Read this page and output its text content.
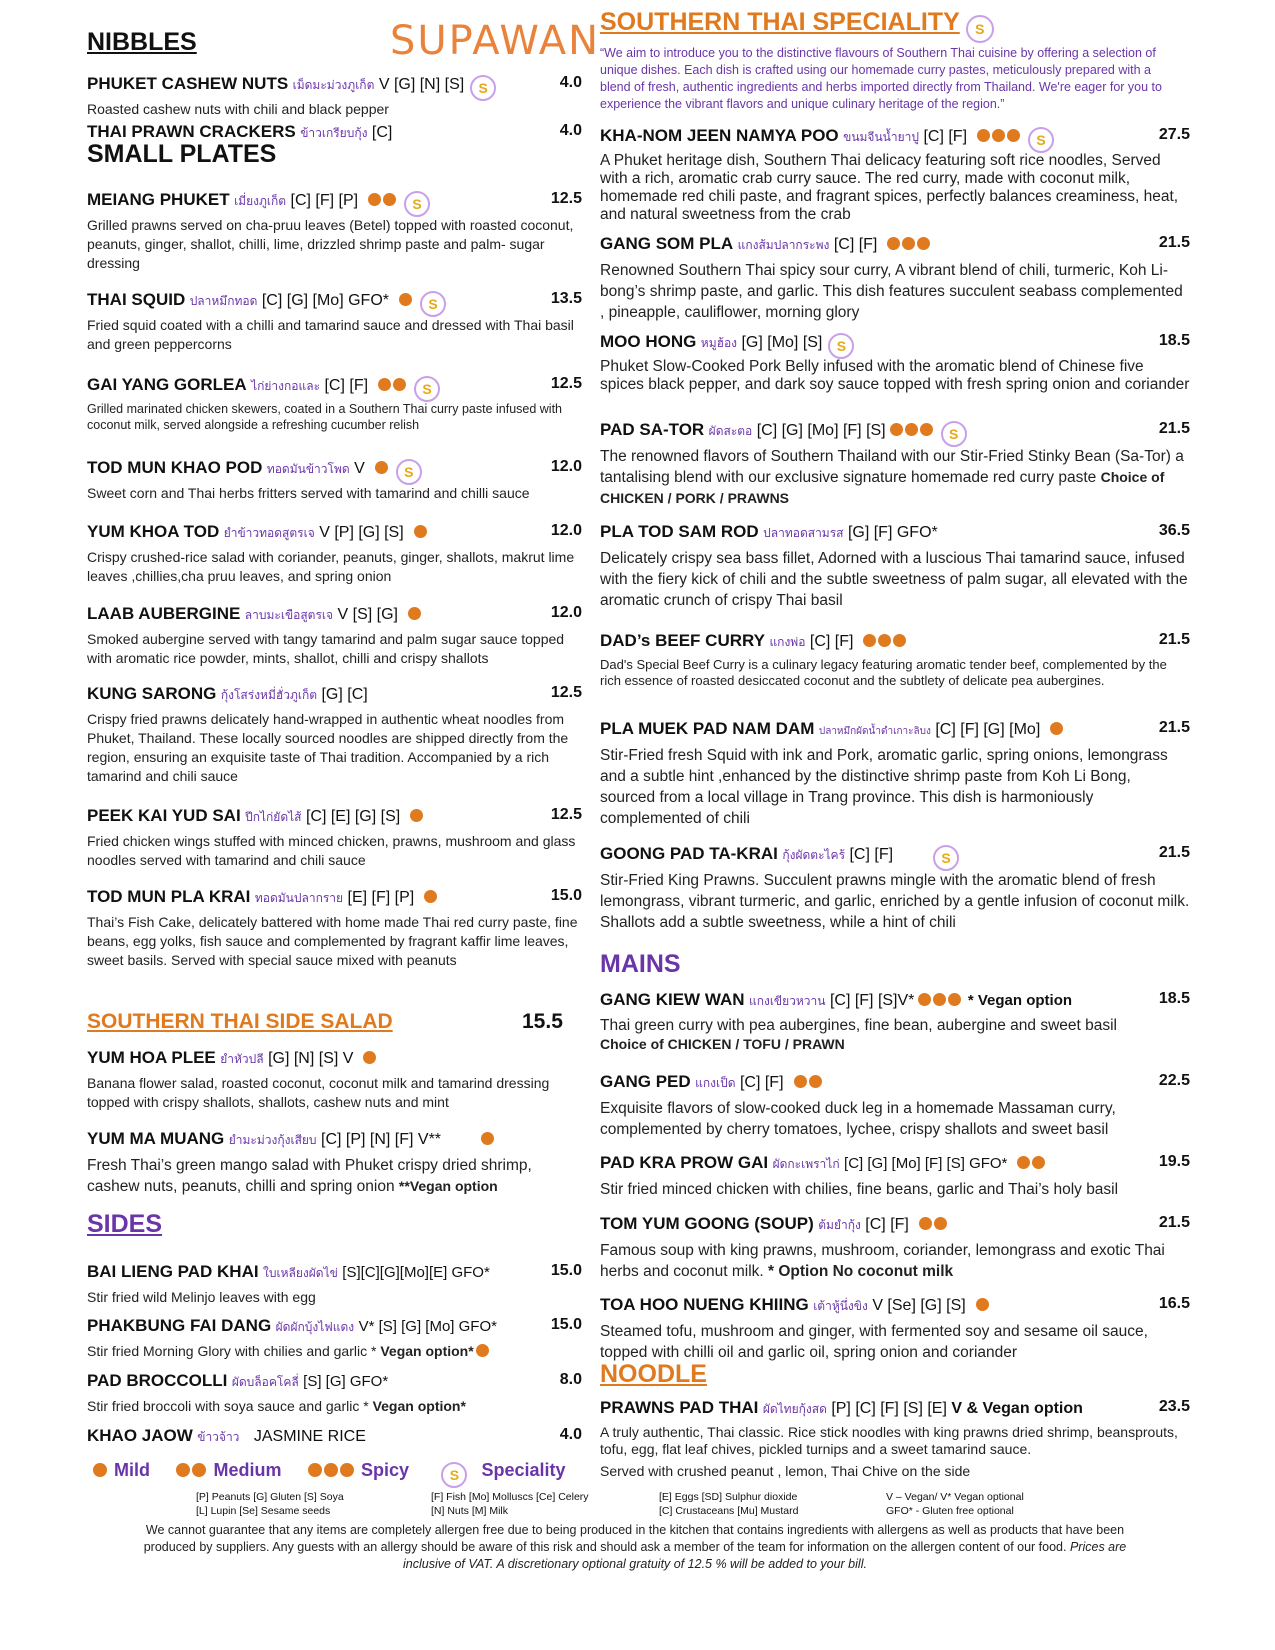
SUPAWAN
NIBBLES
PHUKET CASHEW NUTS เม็ดมะม่วงภูเก็ต V [G] [N] [S] S	4.0
Roasted cashew nuts with chili and black pepper
THAI PRAWN CRACKERS ข้าวเกรียบกุ้ง [C]	4.0
SMALL PLATES
MEIANG PHUKET เมี่ยงภูเก็ต [C] [F] [P]	S	12.5
Grilled prawns served on cha-pruu leaves (Betel) topped with roasted coconut, peanuts, ginger, shallot, chilli, lime, drizzled shrimp paste and palm- sugar dressing
THAI SQUID ปลาหมึกทอด [C] [G] [Mo] GFO*	S	13.5
Fried squid coated with a chilli and tamarind sauce and dressed with Thai basil and green peppercorns
GAI YANG GORLEA ไก่ย่างกอและ [C] [F]	S	12.5
Grilled marinated chicken skewers, coated in a Southern Thai curry paste infused with coconut milk, served alongside a refreshing cucumber relish
TOD MUN KHAO POD ทอดมันข้าวโพด V	S	12.0
Sweet corn and Thai herbs fritters served with tamarind and chilli sauce
YUM KHOA TOD ยำข้าวทอดสูตรเจ V [P] [G] [S]	12.0
Crispy crushed-rice salad with coriander, peanuts, ginger, shallots, makrut lime leaves ,chillies,cha pruu leaves, and spring onion
LAAB AUBERGINE ลาบมะเขือสูตรเจ V [S] [G]	12.0
Smoked aubergine served with tangy tamarind and palm sugar sauce topped with aromatic rice powder, mints, shallot, chilli and crispy shallots
KUNG SARONG กุ้งโสร่งหมี่ฮั่วภูเก็ต [G] [C]	12.5
Crispy fried prawns delicately hand-wrapped in authentic wheat noodles from Phuket, Thailand. These locally sourced noodles are shipped directly from the region, ensuring an exquisite taste of Thai tradition. Accompanied by a rich tamarind and chili sauce
PEEK KAI YUD SAI ปีกไก่ยัดไส้ [C] [E] [G] [S]	12.5
Fried chicken wings stuffed with minced chicken, prawns, mushroom and glass noodles served with tamarind and chili sauce
TOD MUN PLA KRAI ทอดมันปลากราย [E] [F] [P]	15.0
Thai’s Fish Cake, delicately battered with home made Thai red curry paste, fine beans, egg yolks, fish sauce and complemented by fragrant kaffir lime leaves, sweet basils. Served with special sauce mixed with peanuts
SOUTHERN THAI SIDE SALAD	15.5
YUM HOA PLEE ยำหัวปลี [G] [N] [S] V
Banana flower salad, roasted coconut, coconut milk and tamarind dressing topped with crispy shallots, shallots, cashew nuts and mint
YUM MA MUANG ยำมะม่วงกุ้งเสียบ [C] [P] [N] [F] V**
Fresh Thai’s green mango salad with Phuket crispy dried shrimp, cashew nuts, peanuts, chilli and spring onion **Vegan option
SIDES
BAI LIENG PAD KHAI ใบเหลียงผัดไข่ [S][C][G][Mo][E] GFO*	15.0
Stir fried wild Melinjo leaves with egg
PHAKBUNG FAI DANG ผัดผักบุ้งไฟแดง V* [S] [G] [Mo] GFO*	15.0
Stir fried Morning Glory with chilies and garlic * Vegan option*
PAD BROCCOLLI ผัดบล็อคโคลี่ [S] [G] GFO*	8.0
Stir fried broccoli with soya sauce and garlic * Vegan option*
KHAO JAOW ข้าวจ้าว JASMINE RICE	4.0
SOUTHERN THAI SPECIALITY S
“We aim to introduce you to the distinctive flavours of Southern Thai cuisine by offering a selection of unique dishes. Each dish is crafted using our homemade curry pastes, meticulously prepared with a blend of fresh, authentic ingredients and herbs imported directly from Thailand. We're eager for you to experience the vibrant flavors and unique culinary heritage of the region.”
KHA-NOM JEEN NAMYA POO ขนมจีนน้ำยาปู [C] [F]	S	27.5
A Phuket heritage dish, Southern Thai delicacy featuring soft rice noodles, Served with a rich, aromatic crab curry sauce. The red curry, made with coconut milk, homemade red chili paste, and fragrant spices, perfectly balances creaminess, heat, and natural sweetness from the crab
GANG SOM PLA แกงส้มปลากระพง [C] [F]	21.5
Renowned Southern Thai spicy sour curry, A vibrant blend of chili, turmeric, Koh Li-bong’s shrimp paste, and garlic. This dish features succulent seabass complemented , pineapple, cauliflower, morning glory
MOO HONG หมูฮ้อง [G] [Mo] [S] S	18.5
Phuket Slow-Cooked Pork Belly infused with the aromatic blend of Chinese five spices black pepper, and dark soy sauce topped with fresh spring onion and coriander
PAD SA-TOR ผัดสะตอ [C] [G] [Mo] [F] [S]	S	21.5
The renowned flavors of Southern Thailand with our Stir-Fried Stinky Bean (Sa-Tor) a tantalising blend with our exclusive signature homemade red curry paste Choice of CHICKEN / PORK / PRAWNS
PLA TOD SAM ROD ปลาทอดสามรส [G] [F] GFO*	36.5
Delicately crispy sea bass fillet, Adorned with a luscious Thai tamarind sauce, infused with the fiery kick of chili and the subtle sweetness of palm sugar, all elevated with the aromatic crunch of crispy Thai basil
DAD’s BEEF CURRY แกงพ่อ [C] [F]	21.5
Dad's Special Beef Curry is a culinary legacy featuring aromatic tender beef, complemented by the rich essence of roasted desiccated coconut and the subtlety of delicate pea aubergines.
PLA MUEK PAD NAM DAM ปลาหมึกผัดน้ำดำเกาะลิบง [C] [F] [G] [Mo]	21.5
Stir-Fried fresh Squid with ink and Pork, aromatic garlic, spring onions, lemongrass and a subtle hint ,enhanced by the distinctive shrimp paste from Koh Li Bong, sourced from a local village in Trang province. This dish is harmoniously complemented of chili
GOONG PAD TA-KRAI กุ้งผัดตะไคร้ [C] [F]	S	21.5
Stir-Fried King Prawns. Succulent prawns mingle with the aromatic blend of fresh lemongrass, vibrant turmeric, and garlic, enriched by a gentle infusion of coconut milk. Shallots add a subtle sweetness, while a hint of chili
MAINS
GANG KIEW WAN แกงเขียวหวาน [C] [F] [S]V*	* Vegan option	18.5
Thai green curry with pea aubergines, fine bean, aubergine and sweet basil
Choice of CHICKEN / TOFU / PRAWN
GANG PED แกงเป็ด [C] [F]	22.5
Exquisite flavors of slow-cooked duck leg in a homemade Massaman curry, complemented by cherry tomatoes, lychee, crispy shallots and sweet basil
PAD KRA PROW GAI ผัดกะเพราไก่ [C] [G] [Mo] [F] [S] GFO*	19.5
Stir fried minced chicken with chilies, fine beans, garlic and Thai’s holy basil
TOM YUM GOONG (SOUP) ต้มยำกุ้ง [C] [F]	21.5
Famous soup with king prawns, mushroom, coriander, lemongrass and exotic Thai herbs and coconut milk. * Option No coconut milk
TOA HOO NUENG KHIING เต้าหู้นึ่งขิง V [Se] [G] [S]	16.5
Steamed tofu, mushroom and ginger, with fermented soy and sesame oil sauce, topped with chilli oil and garlic oil, spring onion and coriander
NOODLE
PRAWNS PAD THAI ผัดไทยกุ้งสด [P] [C] [F] [S] [E] V & Vegan option	23.5
A truly authentic, Thai classic. Rice stick noodles with king prawns dried shrimp, beansprouts, tofu, egg, flat leaf chives, pickled turnips and a sweet tamarind sauce.
Served with crushed peanut , lemon, Thai Chive on the side
Mild	Medium	Spicy	S Speciality
[P] Peanuts [G] Gluten [S] Soya
[L] Lupin [Se] Sesame seeds
[F] Fish [Mo] Molluscs [Ce] Celery
[N] Nuts [M] Milk
[E] Eggs [SD] Sulphur dioxide
[C] Crustaceans [Mu] Mustard
V – Vegan/ V* Vegan optional
GFO* - Gluten free optional
We cannot guarantee that any items are completely allergen free due to being produced in the kitchen that contains ingredients with allergens as well as products that have been produced by suppliers. Any guests with an allergy should be aware of this risk and should ask a member of the team for information on the allergen content of our food. Prices are inclusive of VAT. A discretionary optional gratuity of 12.5 % will be added to your bill.
